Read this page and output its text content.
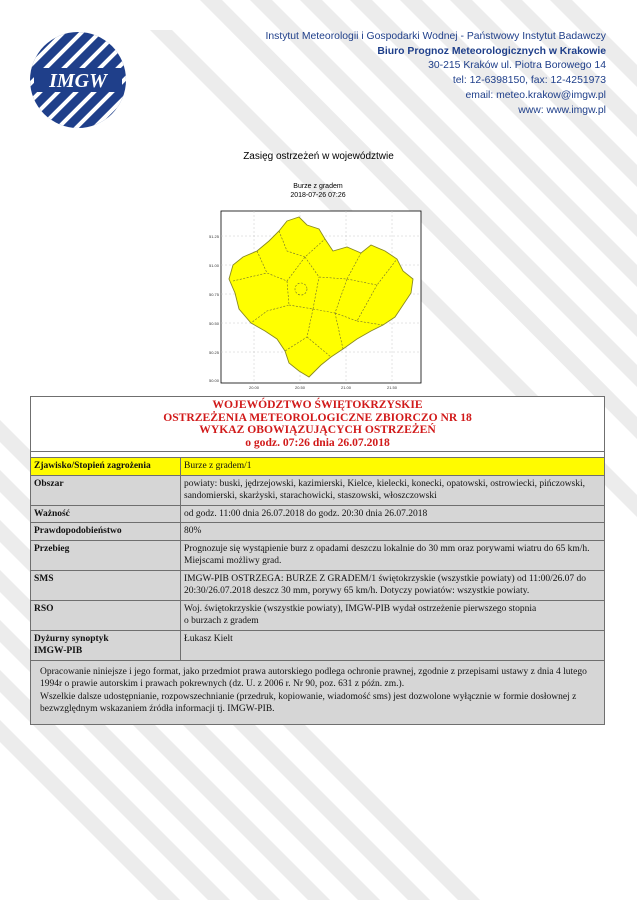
IMGW
Instytut Meteorologii i Gospodarki Wodnej - Państwowy Instytut Badawczy
Biuro Prognoz Meteorologicznych w Krakowie
30-215 Kraków ul. Piotra Borowego 14
tel: 12-6398150, fax: 12-4251973
email: meteo.krakow@imgw.pl
www: www.imgw.pl
Zasięg ostrzeżeń w województwie
Burze z gradem
2018-07-26 07:26
51.25
51.00
50.75
50.50
50.25
50.00
20.00	20.50	21.00	21.50
WOJEWÓDZTWO ŚWIĘTOKRZYSKIE
OSTRZEŻENIA METEOROLOGICZNE ZBIORCZO NR 18
WYKAZ OBOWIĄZUJĄCYCH OSTRZEŻEŃ
o godz. 07:26 dnia 26.07.2018	

Zjawisko/Stopień zagrożenia	Burze z gradem/1
Obszar	powiaty: buski, jędrzejowski, kazimierski, Kielce, kielecki, konecki, opatowski, ostrowiecki, pińczowski, sandomierski, skarżyski, starachowicki, staszowski, włoszczowski
Ważność	od godz. 11:00 dnia 26.07.2018 do godz. 20:30 dnia 26.07.2018
Prawdopodobieństwo	80%
Przebieg	Prognozuje się wystąpienie burz z opadami deszczu lokalnie do 30 mm oraz porywami wiatru do 65 km/h. Miejscami możliwy grad.
SMS	IMGW-PIB OSTRZEGA: BURZE Z GRADEM/1 świętokrzyskie (wszystkie powiaty) od 11:00/26.07 do 20:30/26.07.2018 deszcz 30 mm, porywy 65 km/h. Dotyczy powiatów: wszystkie powiaty.
RSO	Woj. świętokrzyskie (wszystkie powiaty), IMGW-PIB wydał ostrzeżenie pierwszego stopnia
o burzach z gradem

Dyżurny synoptyk
IMGW-PIB	Łukasz Kielt

Opracowanie niniejsze i jego format, jako przedmiot prawa autorskiego podlega ochronie prawnej, zgodnie z przepisami ustawy z dnia 4 lutego 1994r o prawie autorskim i prawach pokrewnych (dz. U. z 2006 r. Nr 90, poz. 631 z późn. zm.).
Wszelkie dalsze udostępnianie, rozpowszechnianie (przedruk, kopiowanie, wiadomość sms) jest dozwolone wyłącznie w formie dosłownej z bezwzględnym wskazaniem źródła informacji tj. IMGW-PIB.	
